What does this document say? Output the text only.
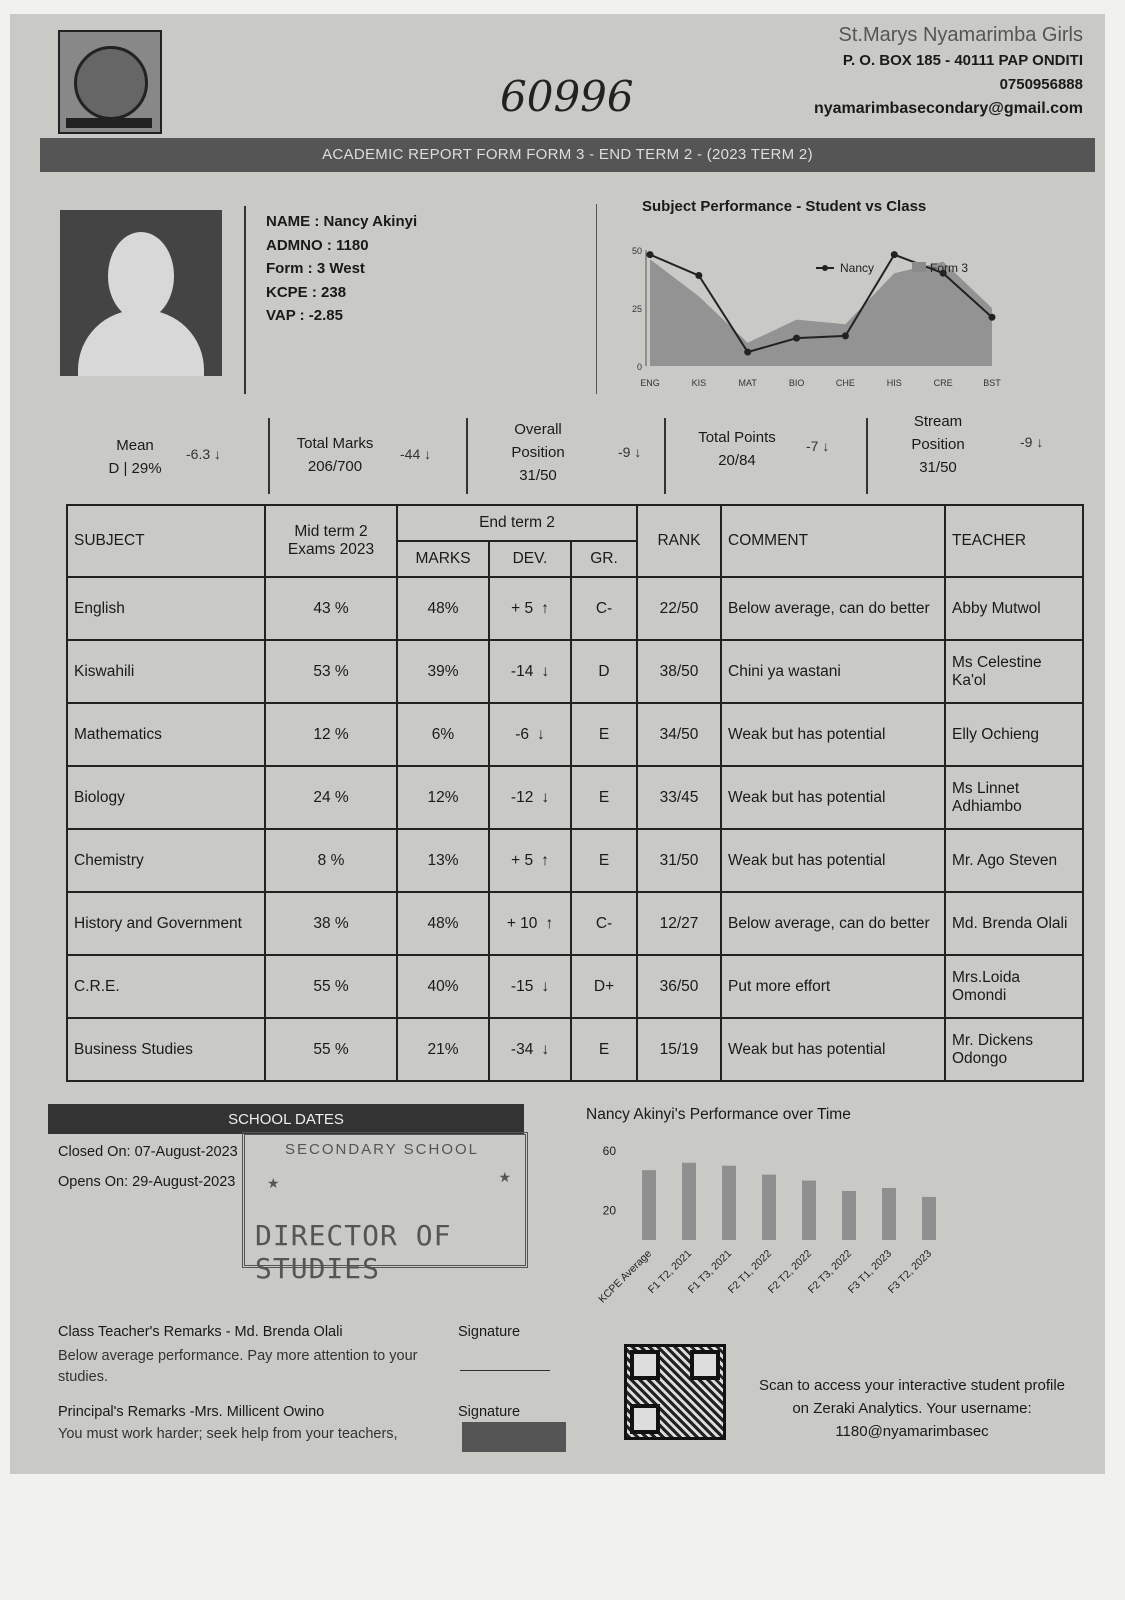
St.Marys Nyamarimba Girls
P. O. BOX 185 - 40111 PAP ONDITI
0750956888
nyamarimbasecondary@gmail.com
60996
ACADEMIC REPORT FORM FORM 3 - END TERM 2 - (2023 TERM 2)
NAME : Nancy Akinyi
ADMNO : 1180
Form : 3 West
KCPE : 238
VAP : -2.85
Subject Performance - Student vs Class
0
25
50
ENG	KIS	MAT	BIO	CHE	HIS	CRE	BST
Nancy	Form 3
Mean
D | 29%
-6.3 ↓
Total Marks
206/700
-44 ↓
Overall Position
31/50
-9 ↓
Total Points
20/84
-7 ↓
Stream Position
31/50
-9 ↓
SUBJECT	Mid term 2 Exams 2023	End term 2			RANK	COMMENT	TEACHER
		MARKS	DEV.	GR.			
English	43 %	48%	+ 5 ↑	C-	22/50	Below average, can do better	Abby Mutwol
Kiswahili	53 %	39%	-14 ↓	D	38/50	Chini ya wastani	Ms Celestine Ka'ol
Mathematics	12 %	6%	-6 ↓	E	34/50	Weak but has potential	Elly Ochieng
Biology	24 %	12%	-12 ↓	E	33/45	Weak but has potential	Ms Linnet Adhiambo
Chemistry	8 %	13%	+ 5 ↑	E	31/50	Weak but has potential	Mr. Ago Steven
History and Government	38 %	48%	+ 10 ↑	C-	12/27	Below average, can do better	Md. Brenda Olali
C.R.E.	55 %	40%	-15 ↓	D+	36/50	Put more effort	Mrs.Loida Omondi
Business Studies	55 %	21%	-34 ↓	E	15/19	Weak but has potential	Mr. Dickens Odongo
SCHOOL DATES
Closed On: 07-August-2023
Opens On: 29-August-2023
SECONDARY SCHOOL
★	★
DIRECTOR OF STUDIES
Nancy Akinyi's Performance over Time
20
60
KCPE Average
F1 T2, 2021
F1 T3, 2021
F2 T1, 2022
F2 T2, 2022
F2 T3, 2022
F3 T1, 2023
F3 T2, 2023
Class Teacher's Remarks - Md. Brenda Olali
Below average performance. Pay more attention to your studies.
Signature
Principal's Remarks -Mrs. Millicent Owino
You must work harder; seek help from your teachers,
Signature
Scan to access your interactive student profile on Zeraki Analytics. Your username: 1180@nyamarimbasec
